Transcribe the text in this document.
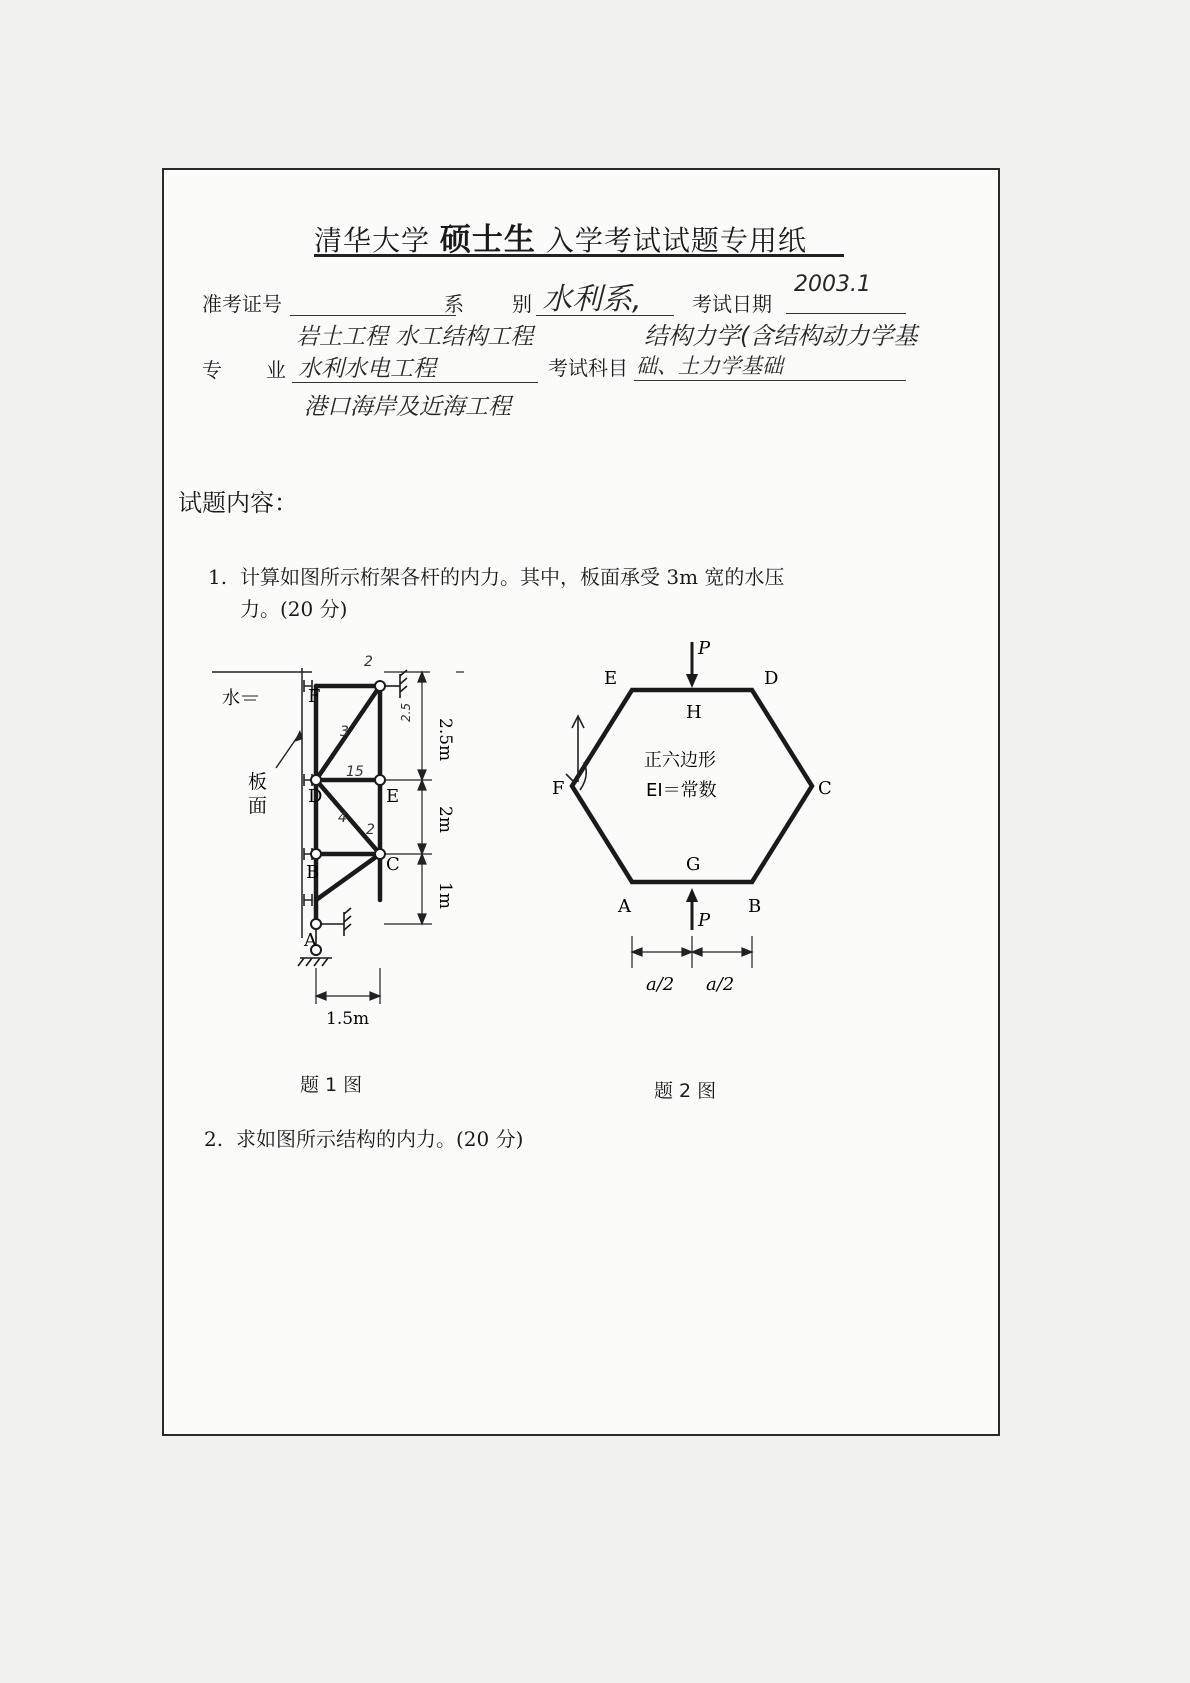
清华大学 硕士生 入学考试试题专用纸
准考证号	系 别 水利系,	考试日期
2003.1
岩土工程 水工结构工程	结构力学(含结构动力学基
专 业 水利水电工程	考试科目 础、土力学基础
港口海岸及近海工程
试题内容：
1. 计算如图所示桁架各杆的内力。其中，板面承受 3m 宽的水压
力。(20 分)
水
板
面
F
D	E
B	C
A
2
3
2.5
15
4
2
2.5m
2m
1m
1.5m
题 1 图
P
P
E	D
H
F	C
G
A	B
正六边形
EI＝常数
a/2 a/2
题 2 图
2. 求如图所示结构的内力。(20 分)
